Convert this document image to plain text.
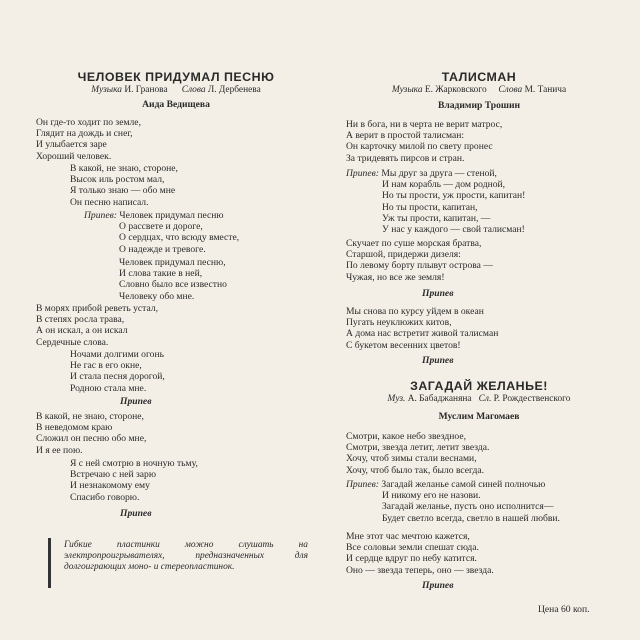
ЧЕЛОВЕК ПРИДУМАЛ ПЕСНЮ
Музыка И. Гранова Слова Л. Дербенева
Аида Ведищева
Он где-то ходит по земле,
Глядит на дождь и снег,
И улыбается заре
Хороший человек.
В какой, не знаю, стороне,
Высок иль ростом мал,
Я только знаю — обо мне
Он песню написал.
Припев: Человек придумал песню
О рассвете и дороге,
О сердцах, что всюду вместе,
О надежде и тревоге.
Человек придумал песню,
И слова такие в ней,
Словно было все известно
Человеку обо мне.
В морях прибой реветь устал,
В степях росла трава,
А он искал, а он искал
Сердечные слова.
Ночами долгими огонь
Не гас в его окне,
И стала песня дорогой,
Родною стала мне.
Припев
В какой, не знаю, стороне,
В неведомом краю
Сложил он песню обо мне,
И я ее пою.
Я с ней смотрю в ночную тьму,
Встречаю с ней зарю
И незнакомому ему
Спасибо говорю.
Припев
Гибкие пластинки можно слушать на электропроигрывателях, предназначенных для долгоиграющих моно- и стереопластинок.
ТАЛИСМАН
Музыка Е. Жарковского Слова М. Танича
Владимир Трошин
Ни в бога, ни в черта не верит матрос,
А верит в простой талисман:
Он карточку милой по свету пронес
За тридевять пирсов и стран.
Припев: Мы друг за друга — стеной,
И нам корабль — дом родной,
Но ты прости, уж прости, капитан!
Но ты прости, капитан,
Уж ты прости, капитан, —
У нас у каждого — свой талисман!
Скучает по суше морская братва,
Старшой, придержи дизеля:
По левому борту плывут острова —
Чужая, но все же земля!
Припев
Мы снова по курсу уйдем в океан
Пугать неуклюжих китов,
А дома нас встретит живой талисман
С букетом весенних цветов!
Припев
ЗАГАДАЙ ЖЕЛАНЬЕ!
Муз. А. Бабаджаняна Сл. Р. Рождественского
Муслим Магомаев
Смотри, какое небо звездное,
Смотри, звезда летит, летит звезда.
Хочу, чтоб зимы стали веснами,
Хочу, чтоб было так, было всегда.
Припев: Загадай желанье самой синей полночью
И никому его не назови.
Загадай желанье, пусть оно исполнится—
Будет светло всегда, светло в нашей любви.
Мне этот час мечтою кажется,
Все соловьи земли спешат сюда.
И сердце вдруг по небу катится.
Оно — звезда теперь, оно — звезда.
Припев
Цена 60 коп.
